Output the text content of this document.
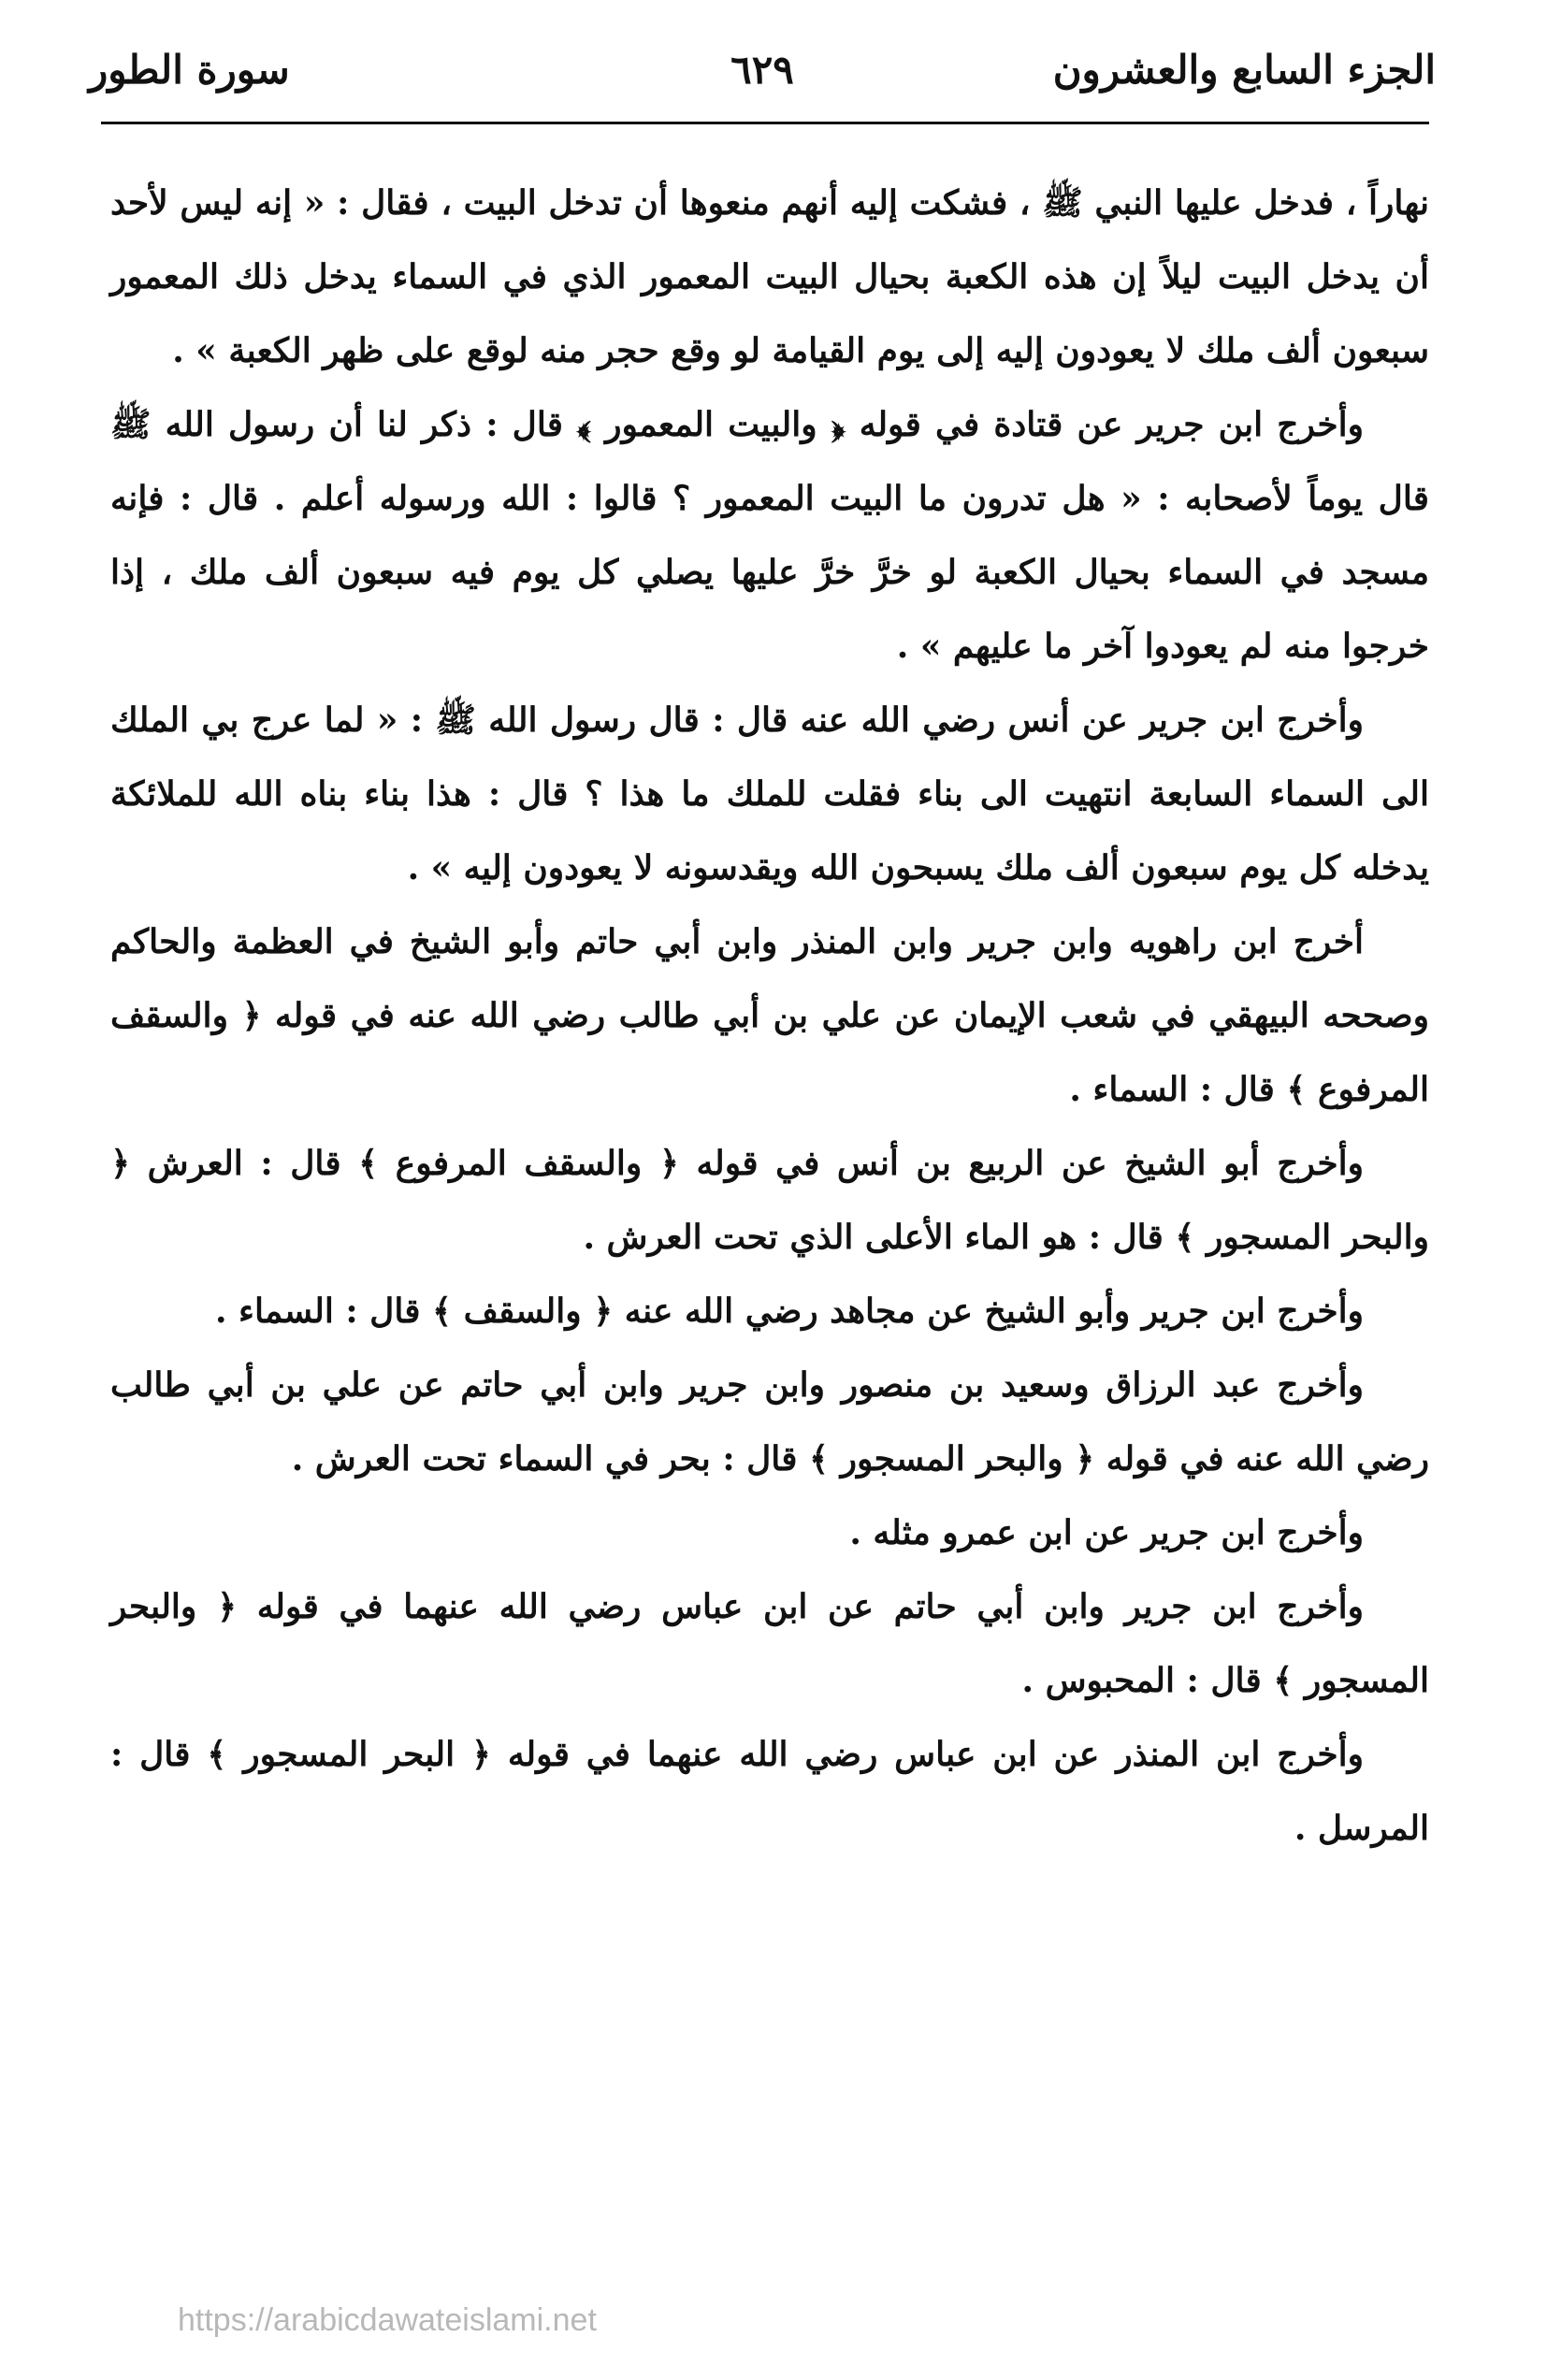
الجزء السابع والعشرون
٦٢٩
سورة الطور

نهاراً ، فدخل عليها النبي ﷺ ، فشكت إليه أنهم منعوها أن تدخل البيت ، فقال : « إنه ليس لأحد أن يدخل البيت ليلاً إن هذه الكعبة بحيال البيت المعمور الذي في السماء يدخل ذلك المعمور سبعون ألف ملك لا يعودون إليه إلى يوم القيامة لو وقع حجر منه لوقع على ظهر الكعبة » .

وأخرج ابن جرير عن قتادة في قوله ﴿ والبيت المعمور ﴾ قال : ذكر لنا أن رسول الله ﷺ قال يوماً لأصحابه : « هل تدرون ما البيت المعمور ؟ قالوا : الله ورسوله أعلم . قال : فإنه مسجد في السماء بحيال الكعبة لو خرَّ خرَّ عليها يصلي كل يوم فيه سبعون ألف ملك ، إذا خرجوا منه لم يعودوا آخر ما عليهم » .

وأخرج ابن جرير عن أنس رضي الله عنه قال : قال رسول الله ﷺ : « لما عرج بي الملك الى السماء السابعة انتهيت الى بناء فقلت للملك ما هذا ؟ قال : هذا بناء بناه الله للملائكة يدخله كل يوم سبعون ألف ملك يسبحون الله ويقدسونه لا يعودون إليه » .

أخرج ابن راهويه وابن جرير وابن المنذر وابن أبي حاتم وأبو الشيخ في العظمة والحاكم وصححه البيهقي في شعب الإيمان عن علي بن أبي طالب رضي الله عنه في قوله ﴿ والسقف المرفوع ﴾ قال : السماء .

وأخرج أبو الشيخ عن الربيع بن أنس في قوله ﴿ والسقف المرفوع ﴾ قال : العرش ﴿ والبحر المسجور ﴾ قال : هو الماء الأعلى الذي تحت العرش .

وأخرج ابن جرير وأبو الشيخ عن مجاهد رضي الله عنه ﴿ والسقف ﴾ قال : السماء .

وأخرج عبد الرزاق وسعيد بن منصور وابن جرير وابن أبي حاتم عن علي بن أبي طالب رضي الله عنه في قوله ﴿ والبحر المسجور ﴾ قال : بحر في السماء تحت العرش .

وأخرج ابن جرير عن ابن عمرو مثله .

وأخرج ابن جرير وابن أبي حاتم عن ابن عباس رضي الله عنهما في قوله ﴿ والبحر المسجور ﴾ قال : المحبوس .

وأخرج ابن المنذر عن ابن عباس رضي الله عنهما في قوله ﴿ البحر المسجور ﴾ قال : المرسل .

https://arabicdawateislami.net
